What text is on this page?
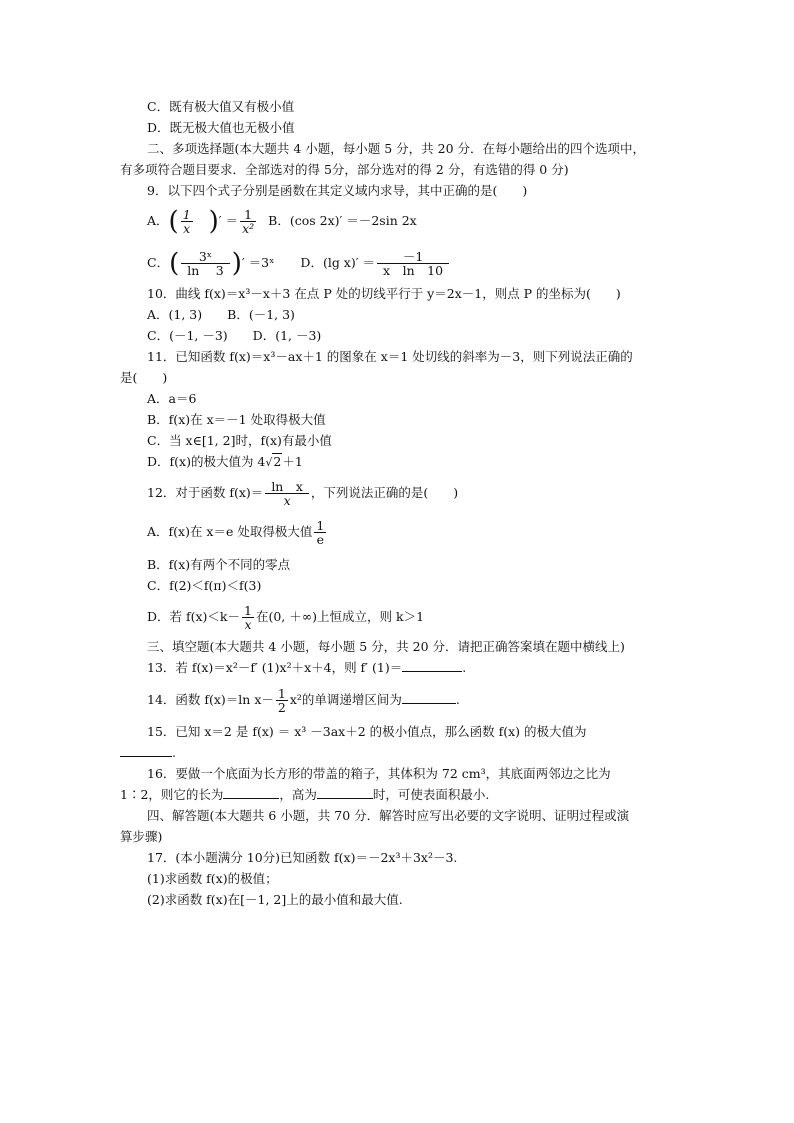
C．既有极大值又有极小值
D．既无极大值也无极小值
二、多项选择题(本大题共 4 小题，每小题 5 分，共 20 分．在每小题给出的四个选项中，
有多项符合题目要求．全部选对的得 5分，部分选对的得 2 分，有选错的得 0 分)
9．以下四个式子分别是函数在其定义域内求导，其中正确的是(　　)
A．( $\frac{1}{x}$ )′ ＝ $\frac{1}{\text{x²}}$ B．(cos 2x)′ ＝－2sin 2x
C．( $\frac{\text{3ˣ}}{\ln 3}$ )′ ＝3ˣ D．(lg $x)' = \frac{-1}{\text{x　ln　10}}$
10．曲线 f(x)＝x³－x＋3 在点 P 处的切线平行于 y＝2x－1，则点 P 的坐标为(　　)
A．(1, 3)　　B．(－1, 3)
C．(－1, －3)　　D．(1, －3)
11．已知函数 f(x)＝x³－ax＋1 的图象在 x＝1 处切线的斜率为－3，则下列说法正确的
是(　　)
A．a＝6
B．f(x)在 x＝－1 处取得极大值
C．当 x∈[1, 2]时，f(x)有最小值
D．f(x)的极大值为 4√2＋1
12．对于函数 $f(x)= \frac{\text{ln　x}}{x}$ ，下列说法正确的是(　　)
A．f(x)在 x＝e 处取得极大值 $\frac{1}{e}$
B．f(x)有两个不同的零点
C．f(2)＜f(π)＜f(3)
D．若 $f(x)<k- \frac{1}{x}$ 在(0, ＋∞)上恒成立，则 k＞1
三、填空题(本大题共 4 小题，每小题 5 分，共 20 分．请把正确答案填在题中横线上)
13．若 f(x)＝x²－f′ (1)x²＋x＋4，则 f′ (1)＝	.
14．函数 f(x)＝ln $x- \frac{1}{2} x^2$的单调递增区间为	.
15．已知 x＝2 是 f(x) ＝ x³ －3ax＋2 的极小值点，那么函数 f(x) 的极大值为
.
16．要做一个底面为长方形的带盖的箱子，其体积为 72 cm³，其底面两邻边之比为
1∶2，则它的长为	，高为	时，可使表面积最小.
四、解答题(本大题共 6 小题，共 70 分．解答时应写出必要的文字说明、证明过程或演
算步骤)
17．(本小题满分 10分)已知函数 f(x)＝－2x³＋3x²－3.
(1)求函数 f(x)的极值；
(2)求函数 f(x)在[－1, 2]上的最小值和最大值.
